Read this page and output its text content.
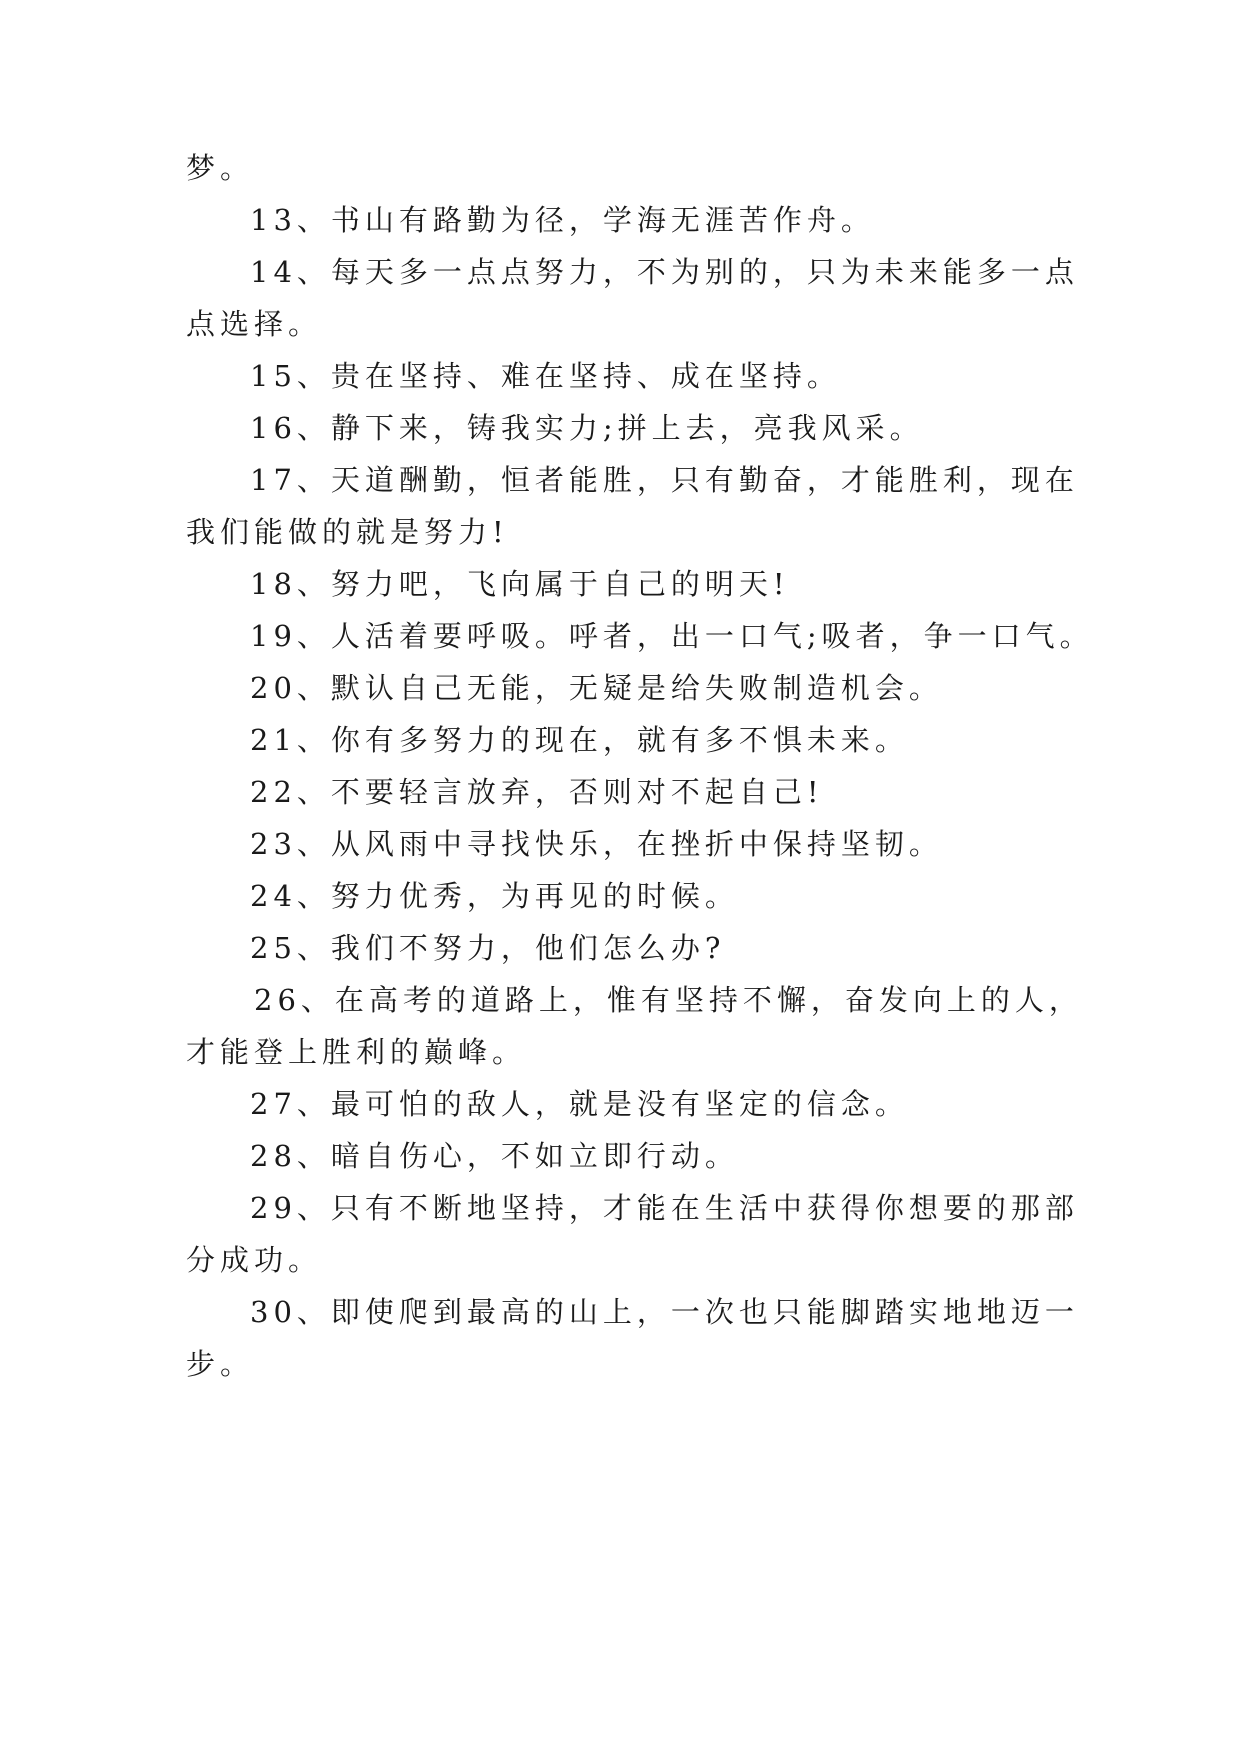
梦。
13、书山有路勤为径，学海无涯苦作舟。
14、每天多一点点努力，不为别的，只为未来能多一点
点选择。
15、贵在坚持、难在坚持、成在坚持。
16、静下来，铸我实力;拼上去，亮我风采。
17、天道酬勤，恒者能胜，只有勤奋，才能胜利，现在
我们能做的就是努力!
18、努力吧，飞向属于自己的明天!
19、人活着要呼吸。呼者，出一口气;吸者，争一口气。
20、默认自己无能，无疑是给失败制造机会。
21、你有多努力的现在，就有多不惧未来。
22、不要轻言放弃，否则对不起自己!
23、从风雨中寻找快乐，在挫折中保持坚韧。
24、努力优秀，为再见的时候。
25、我们不努力，他们怎么办?
26、在高考的道路上，惟有坚持不懈，奋发向上的人，
才能登上胜利的巅峰。
27、最可怕的敌人，就是没有坚定的信念。
28、暗自伤心，不如立即行动。
29、只有不断地坚持，才能在生活中获得你想要的那部
分成功。
30、即使爬到最高的山上，一次也只能脚踏实地地迈一
步。
